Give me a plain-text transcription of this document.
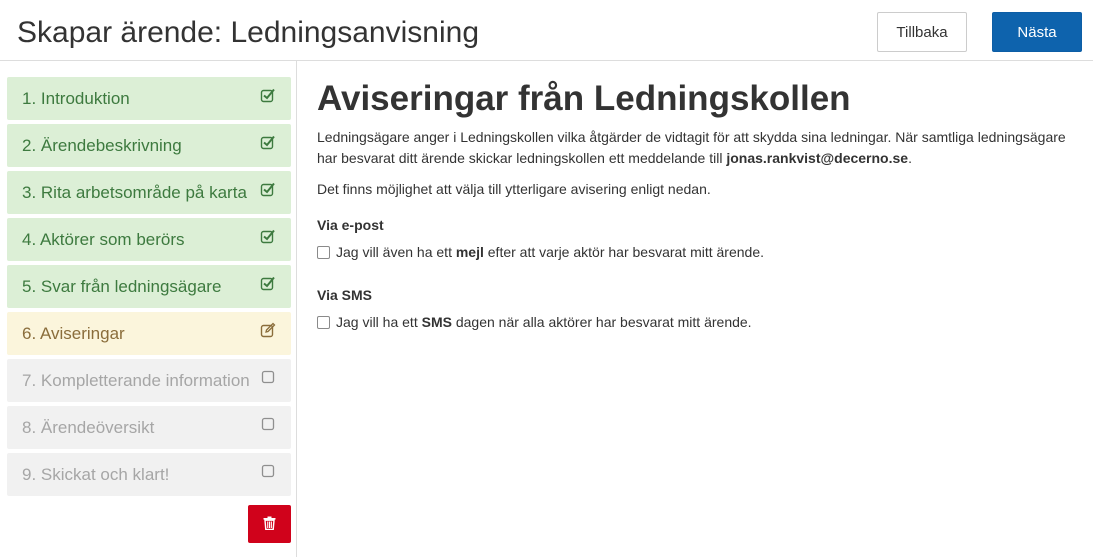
Skapar ärende: Ledningsanvisning	Tillbaka	Nästa
1. Introduktion
2. Ärendebeskrivning
3. Rita arbetsområde på karta
4. Aktörer som berörs
5. Svar från ledningsägare
6. Aviseringar
7. Kompletterande information
8. Ärendeöversikt
9. Skickat och klart!
Aviseringar från Ledningskollen

Ledningsägare anger i Ledningskollen vilka åtgärder de vidtagit för att skydda sina ledningar. När samtliga ledningsägare har besvarat ditt ärende skickar ledningskollen ett meddelande till jonas.rankvist@decerno.se.

Det finns möjlighet att välja till ytterligare avisering enligt nedan.

Via e-post
Jag vill även ha ett mejl efter att varje aktör har besvarat mitt ärende.
Via SMS
Jag vill ha ett SMS dagen när alla aktörer har besvarat mitt ärende.
